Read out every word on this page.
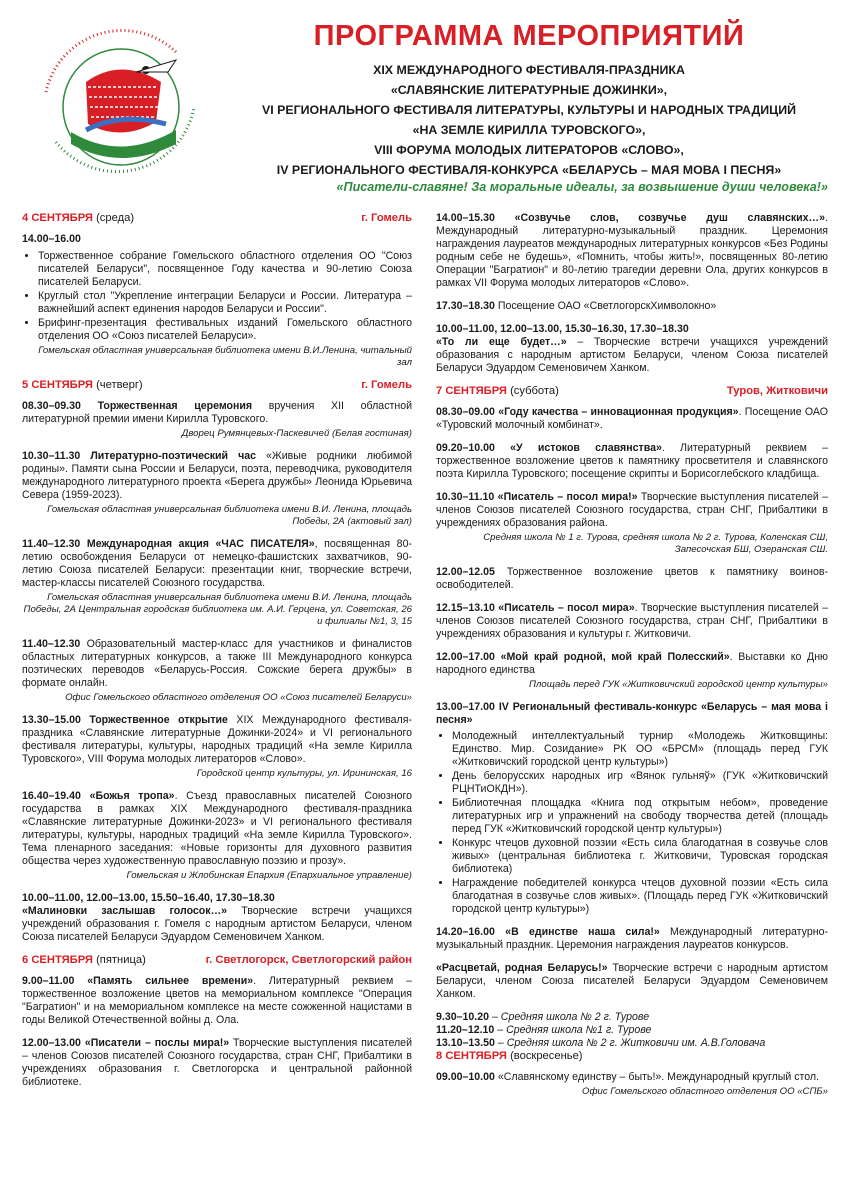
ПРОГРАММА МЕРОПРИЯТИЙ
XIX МЕЖДУНАРОДНОГО ФЕСТИВАЛЯ-ПРАЗДНИКА
«СЛАВЯНСКИЕ ЛИТЕРАТУРНЫЕ ДОЖИНКИ»,
VI РЕГИОНАЛЬНОГО ФЕСТИВАЛЯ ЛИТЕРАТУРЫ, КУЛЬТУРЫ И НАРОДНЫХ ТРАДИЦИЙ
«НА ЗЕМЛЕ КИРИЛЛА ТУРОВСКОГО»,
VIII ФОРУМА МОЛОДЫХ ЛИТЕРАТОРОВ «СЛОВО»,
IV РЕГИОНАЛЬНОГО ФЕСТИВАЛЯ-КОНКУРСА «БЕЛАРУСЬ – МАЯ МОВА І ПЕСНЯ»
«Писатели-славяне! За моральные идеалы, за возвышение души человека!»
4 СЕНТЯБРЯ (среда)	г. Гомель
14.00–16.00
• Торжественное собрание Гомельского областного отделения ОО "Союз писателей Беларуси", посвященное Году качества и 90-летию Союза писателей Беларуси.
• Круглый стол "Укрепление интеграции Беларуси и России. Литература – важнейший аспект единения народов Беларуси и России".
• Брифинг-презентация фестивальных изданий Гомельского областного отделения ОО «Союз писателей Беларуси».
Гомельская областная универсальная библиотека имени В.И.Ленина, читальный зал
5 СЕНТЯБРЯ (четверг)	г. Гомель
08.30–09.30 Торжественная церемония вручения XII областной литературной премии имени Кирилла Туровского.
Дворец Румянцевых-Паскевичей (Белая гостиная)
10.30–11.30 Литературно-поэтический час «Живые родники любимой родины». Памяти сына России и Беларуси, поэта, переводчика, руководителя международного литературного проекта «Берега дружбы» Леонида Юрьевича Севера (1959-2023).
Гомельская областная универсальная библиотека имени В.И. Ленина, площадь Победы, 2А (актовый зал)
11.40–12.30 Международная акция «ЧАС ПИСАТЕЛЯ», посвященная 80-летию освобождения Беларуси от немецко-фашистских захватчиков, 90-летию Союза писателей Беларуси: презентации книг, творческие встречи, мастер-классы писателей Союзного государства.
Гомельская областная универсальная библиотека имени В.И. Ленина, площадь Победы, 2А Центральная городская библиотека им. А.И. Герцена, ул. Советская, 26 и филиалы №1, 3, 15
11.40–12.30 Образовательный мастер-класс для участников и финалистов областных литературных конкурсов, а также III Международного конкурса поэтических переводов «Беларусь-Россия. Сожские берега дружбы» в формате онлайн.
Офис Гомельского областного отделения ОО «Союз писателей Беларуси»
13.30–15.00 Торжественное открытие XIX Международного фестиваля-праздника «Славянские литературные Дожинки-2024» и VI регионального фестиваля литературы, культуры, народных традиций «На земле Кирилла Туровского», VIII Форума молодых литераторов «Слово».
Городской центр культуры, ул. Ирининская, 16
16.40–19.40 «Божья тропа». Съезд православных писателей Союзного государства в рамках XIX Международного фестиваля-праздника «Славянские литературные Дожинки-2023» и VI регионального фестиваля литературы, культуры, народных традиций «На земле Кирилла Туровского». Тема пленарного заседания: «Новые горизонты для духовного развития общества через художественную православную поэзию и прозу».
Гомельская и Жлобинская Епархия (Епархиальное управление)
10.00–11.00, 12.00–13.00, 15.50–16.40, 17.30–18.30
«Малиновки заслышав голосок…» Творческие встречи учащихся учреждений образования г. Гомеля с народным артистом Беларуси, членом Союза писателей Беларуси Эдуардом Семеновичем Ханком.
6 СЕНТЯБРЯ (пятница)	г. Светлогорск, Светлогорский район
9.00–11.00 «Память сильнее времени». Литературный реквием – торжественное возложение цветов на мемориальном комплексе "Операция "Багратион" и на мемориальном комплексе на месте сожженной нацистами в годы Великой Отечественной войны д. Ола.
12.00–13.00 «Писатели – послы мира!» Творческие выступления писателей – членов Союзов писателей Союзного государства, стран СНГ, Прибалтики в учреждениях образования г. Светлогорска и центральной районной библиотеке.
14.00–15.30 «Созвучье слов, созвучье душ славянских…». Международный литературно-музыкальный праздник. Церемония награждения лауреатов международных литературных конкурсов «Без Родины родным себе не будешь», «Помнить, чтобы жить!», посвященных 80-летию Операции "Багратион" и 80-летию трагедии деревни Ола, других конкурсов в рамках VII Форума молодых литераторов «Слово».
17.30–18.30 Посещение ОАО «СветлогорскХимволокно»
10.00–11.00, 12.00–13.00, 15.30–16.30, 17.30–18.30
«То ли еще будет…» – Творческие встречи учащихся учреждений образования с народным артистом Беларуси, членом Союза писателей Беларуси Эдуардом Семеновичем Ханком.
7 СЕНТЯБРЯ (суббота)	Туров, Житковичи
08.30–09.00 «Году качества – инновационная продукция». Посещение ОАО «Туровский молочный комбинат».
09.20–10.00 «У истоков славянства». Литературный реквием – торжественное возложение цветов к памятнику просветителя и славянского поэта Кирилла Туровского; посещение скрипты и Борисоглебского кладбища.
10.30–11.10 «Писатель – посол мира!» Творческие выступления писателей – членов Союзов писателей Союзного государства, стран СНГ, Прибалтики в учреждениях образования района.
Средняя школа № 1 г. Турова, средняя школа № 2 г. Турова, Коленская СШ, Запесочская БШ, Озеранская СШ.
12.00–12.05 Торжественное возложение цветов к памятнику воинов-освободителей.
12.15–13.10 «Писатель – посол мира». Творческие выступления писателей – членов Союзов писателей Союзного государства, стран СНГ, Прибалтики в учреждениях образования и культуры г. Житковичи.
12.00–17.00 «Мой край родной, мой край Полесский». Выставки ко Дню народного единства
Площадь перед ГУК «Житковичский городской центр культуры»
13.00–17.00 IV Региональный фестиваль-конкурс «Беларусь – мая мова і песня»
• Молодежный интеллектуальный турнир «Молодежь Житковщины: Единство. Мир. Созидание» РК ОО «БРСМ» (площадь перед ГУК «Житковичский городской центр культуры»)
• День белорусских народных игр «Вянок гульняў» (ГУК «Житковичский РЦНТиОКДН»).
• Библиотечная площадка «Книга под открытым небом», проведение литературных игр и упражнений на свободу творчества детей (площадь перед ГУК «Житковичский городской центр культуры»)
• Конкурс чтецов духовной поэзии «Есть сила благодатная в созвучье слов живых» (центральная библиотека г. Житковичи, Туровская городская библиотека)
• Награждение победителей конкурса чтецов духовной поэзии «Есть сила благодатная в созвучье слов живых». (Площадь перед ГУК «Житковичский городской центр культуры»)
14.20–16.00 «В единстве наша сила!» Международный литературно-музыкальный праздник. Церемония награждения лауреатов конкурсов.
«Расцветай, родная Беларусь!» Творческие встречи с народным артистом Беларуси, членом Союза писателей Беларуси Эдуардом Семеновичем Ханком.
9.30–10.20 – Средняя школа № 2 г. Турове
11.20–12.10 – Средняя школа №1 г. Турове
13.10–13.50 – Средняя школа № 2 г. Житковичи им. А.В.Головача
8 СЕНТЯБРЯ (воскресенье)
09.00–10.00 «Славянскому единству – быть!». Международный круглый стол.
Офис Гомельского областного отделения ОО «СПБ»
